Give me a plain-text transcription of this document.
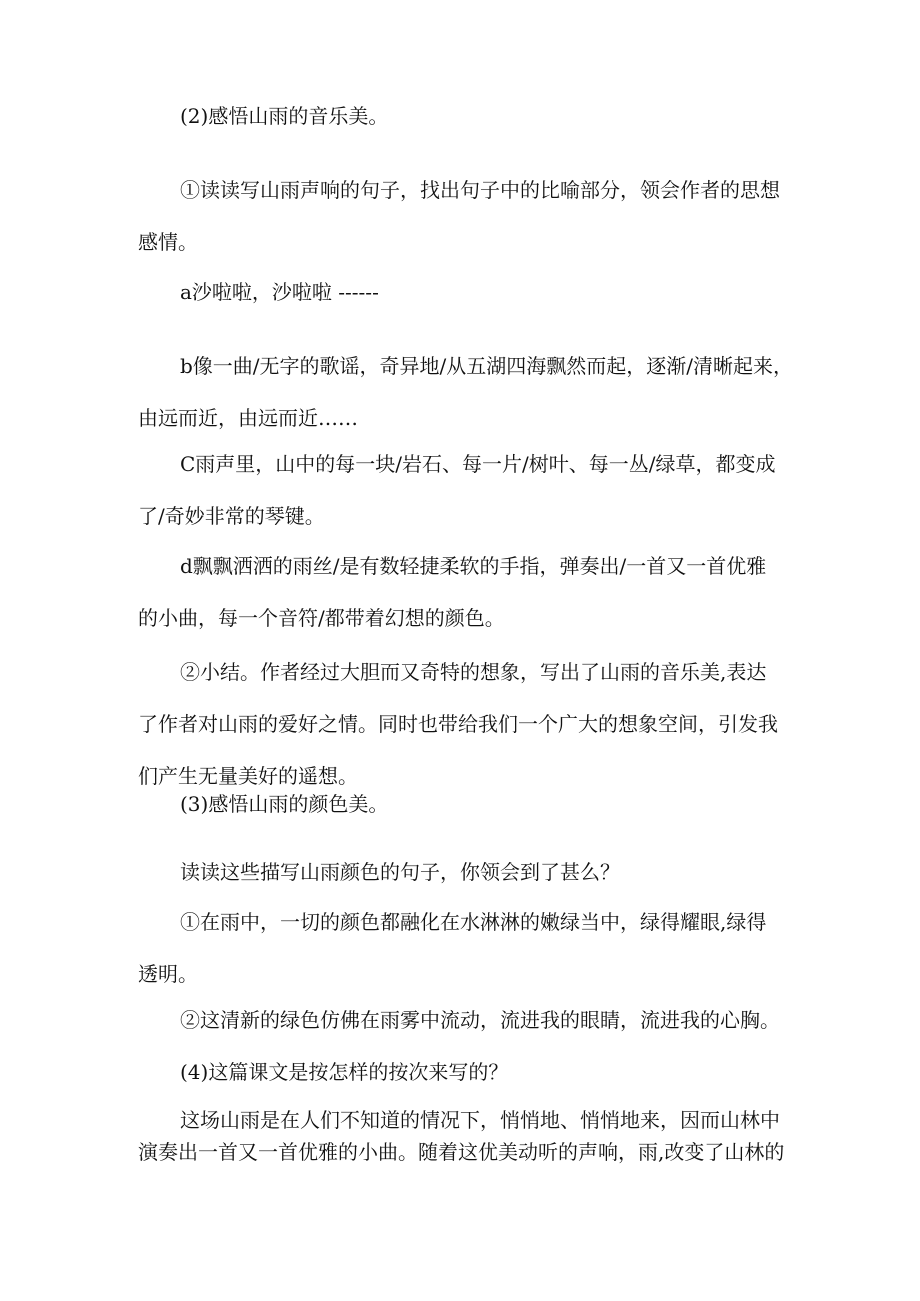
(2)感悟山雨的音乐美。
①读读写山雨声响的句子，找出句子中的比喻部分，领会作者的思想
感情。
a沙啦啦，沙啦啦 ------
b像一曲/无字的歌谣，奇异地/从五湖四海飘然而起，逐渐/清晰起来，
由远而近，由远而近……
C雨声里，山中的每一块/岩石、每一片/树叶、每一丛/绿草，都变成
了/奇妙非常的琴键。
d飘飘洒洒的雨丝/是有数轻捷柔软的手指，弹奏出/一首又一首优雅
的小曲，每一个音符/都带着幻想的颜色。
②小结。作者经过大胆而又奇特的想象，写出了山雨的音乐美,表达
了作者对山雨的爱好之情。同时也带给我们一个广大的想象空间，引发我
们产生无量美好的遥想。
(3)感悟山雨的颜色美。
读读这些描写山雨颜色的句子，你领会到了甚么？
①在雨中，一切的颜色都融化在水淋淋的嫩绿当中，绿得耀眼,绿得
透明。
②这清新的绿色仿佛在雨雾中流动，流进我的眼睛，流进我的心胸。
(4)这篇课文是按怎样的按次来写的？
这场山雨是在人们不知道的情况下，悄悄地、悄悄地来，因而山林中
演奏出一首又一首优雅的小曲。随着这优美动听的声响，雨,改变了山林的
